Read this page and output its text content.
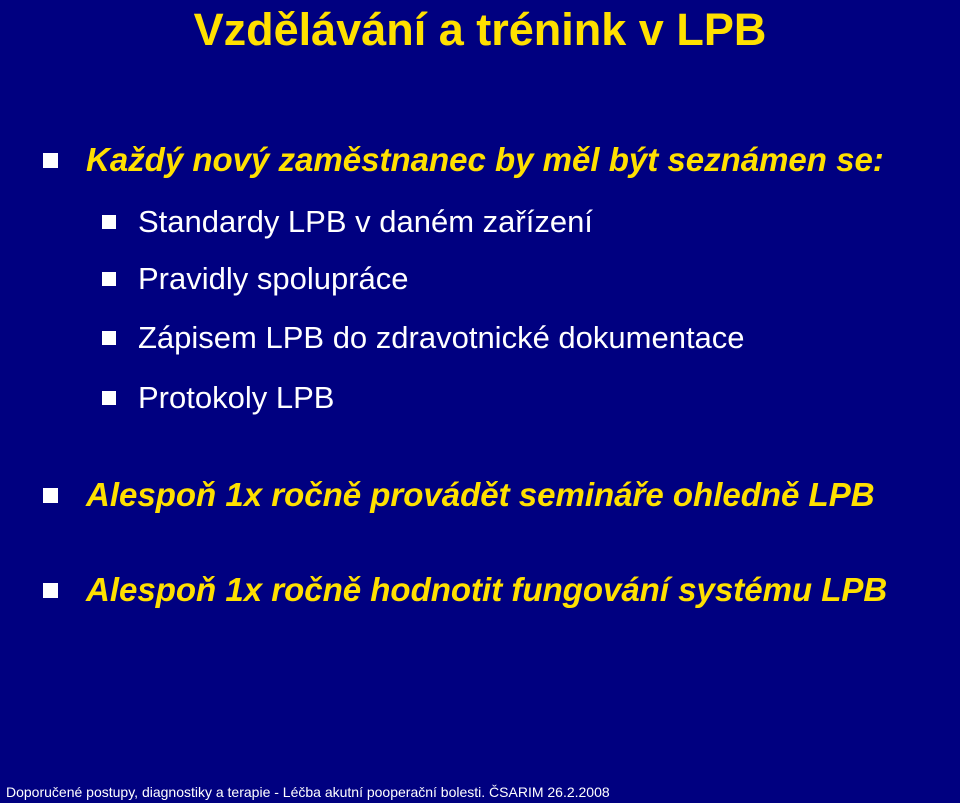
Vzdělávání a trénink v LPB
Každý nový zaměstnanec by měl být seznámen se:
Standardy LPB v daném zařízení
Pravidly spolupráce
Zápisem LPB do zdravotnické dokumentace
Protokoly LPB
Alespoň 1x ročně provádět semináře ohledně LPB
Alespoň 1x ročně hodnotit fungování systému LPB
Doporučené postupy, diagnostiky a terapie - Léčba akutní pooperační bolesti. ČSARIM 26.2.2008
